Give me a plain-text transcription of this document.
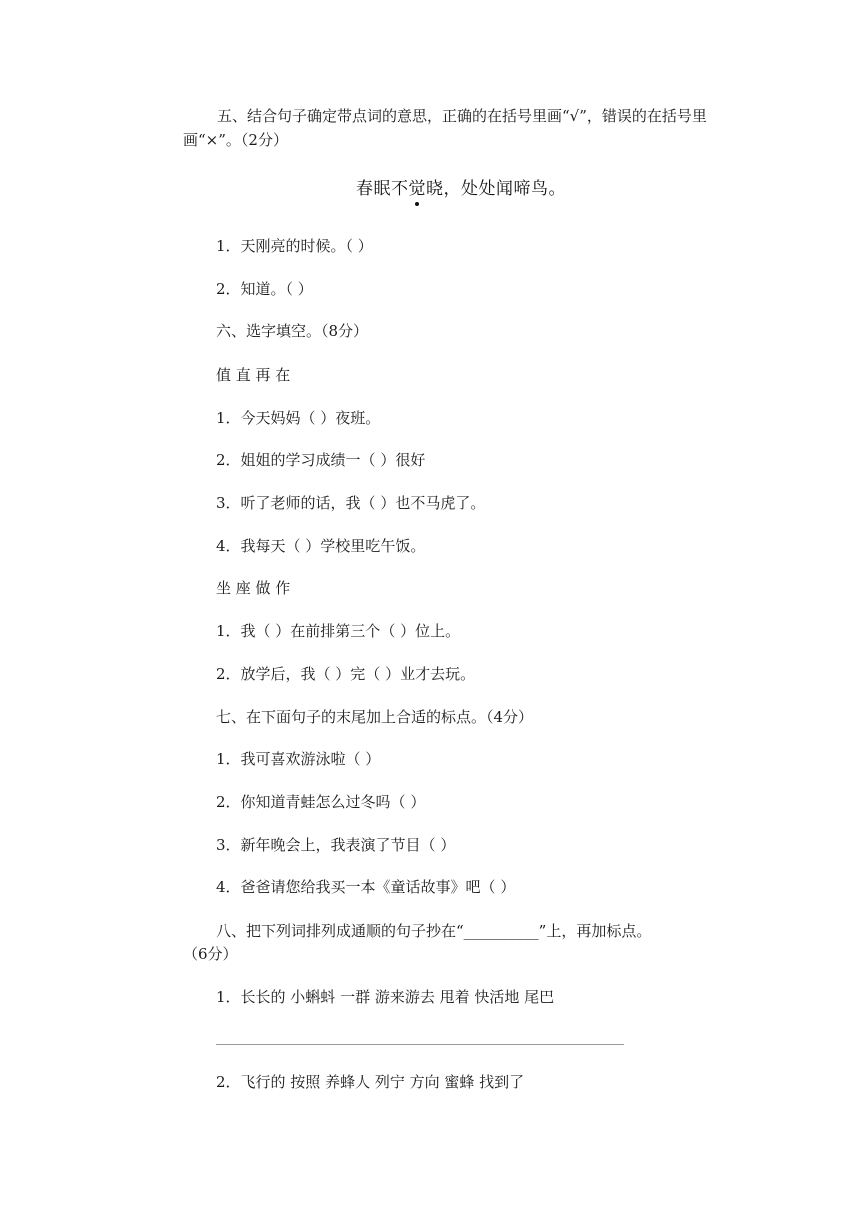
五、结合句子确定带点词的意思，正确的在括号里画“√”，错误的在括号里画“×”。（2分）
春眠不觉晓，处处闻啼鸟。
1．天刚亮的时候。（ ）
2．知道。（ ）
六、选字填空。（8分）
值 直 再 在
1．今天妈妈（ ）夜班。
2．姐姐的学习成绩一（ ）很好
3．听了老师的话，我（ ）也不马虎了。
4．我每天（ ）学校里吃午饭。
坐 座 做 作
1．我（ ）在前排第三个（ ）位上。
2．放学后，我（ ）完（ ）业才去玩。
七、在下面句子的末尾加上合适的标点。（4分）
1．我可喜欢游泳啦（ ）
2．你知道青蛙怎么过冬吗（ ）
3．新年晚会上，我表演了节目（ ）
4．爸爸请您给我买一本《童话故事》吧（ ）
八、把下列词排列成通顺的句子抄在“__________”上，再加标点。
（6分）
1．长长的 小蝌蚪 一群 游来游去 甩着 快活地 尾巴
2．飞行的 按照 养蜂人 列宁 方向 蜜蜂 找到了
